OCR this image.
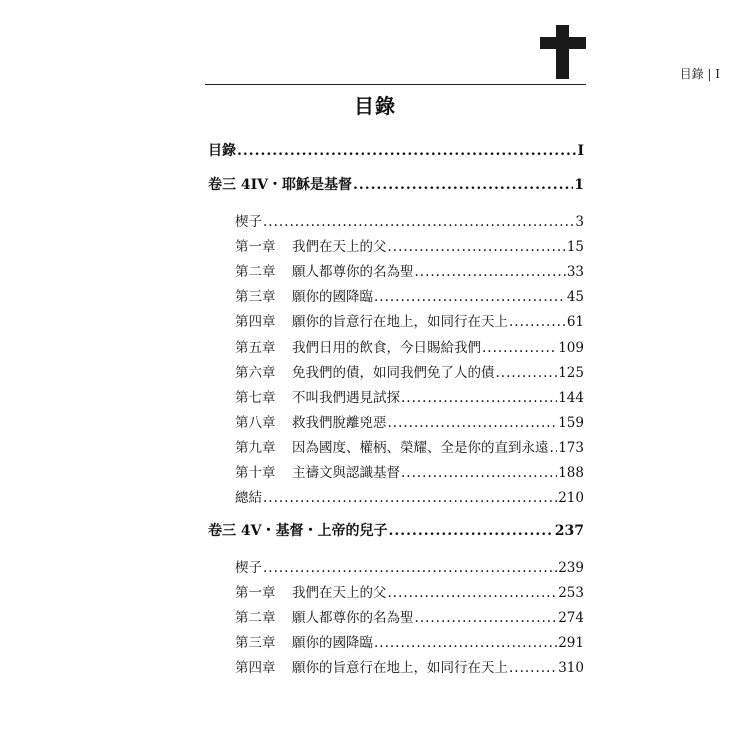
目錄 | I
目錄
目錄 .....	I
卷三 4IV・耶穌是基督 .....	1
楔子 .....	3
第一章 我們在天上的父 .....	15
第二章 願人都尊你的名為聖 .....	33
第三章 願你的國降臨 .....	45
第四章 願你的旨意行在地上，如同行在天上 .....	61
第五章 我們日用的飲食，今日賜給我們 .....	109
第六章 免我們的債，如同我們免了人的債 .....	125
第七章 不叫我們遇見試探 .....	144
第八章 救我們脫離兇惡 .....	159
第九章 因為國度、權柄、榮耀、全是你的直到永遠 ..... 173
第十章 主禱文與認識基督 .....	188
總結 .....	210
卷三 4V・基督・上帝的兒子 .....	237
楔子 .....	239
第一章 我們在天上的父 .....	253
第二章 願人都尊你的名為聖 .....	274
第三章 願你的國降臨 .....	291
第四章 願你的旨意行在地上，如同行在天上 .....	310
